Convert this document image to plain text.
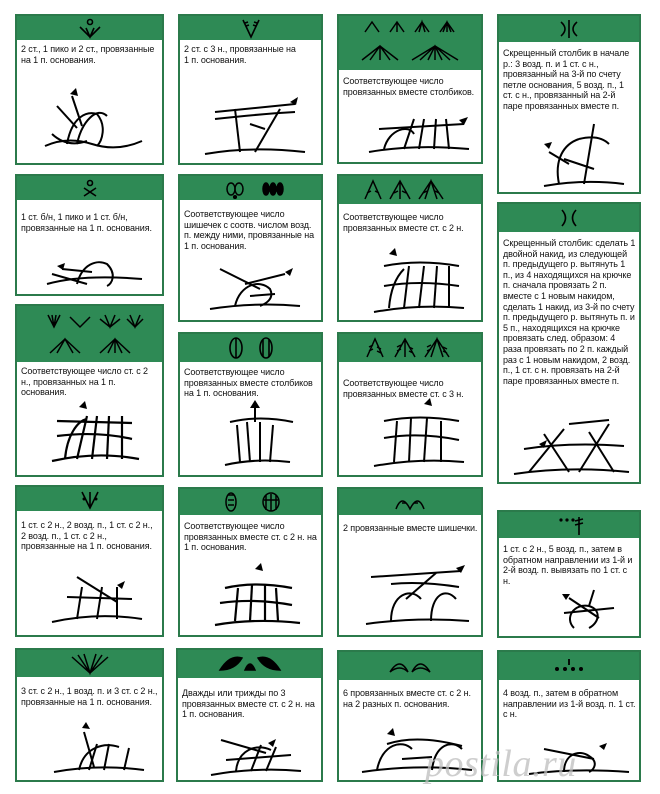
2 ст., 1 пико и 2 ст., провязанные на 1 п. основания.
1 ст. б/н, 1 пико и 1 ст. б/н, провязанные на 1 п. основания.
Соответствующее число ст. с 2 н., провязанных на 1 п. основания.
1 ст. с 2 н., 2 возд. п., 1 ст. с 2 н., 2 возд. п., 1 ст. с 2 н., провязанные на 1 п. основания.
3 ст. с 2 н., 1 возд. п. и 3 ст. с 2 н., провязанные на 1 п. основания.
2 ст. с 3 н., провязанные на
1 п. основания.
Соответствующее число шишечек с соотв. числом возд. п. между ними, провязанные на 1 п. основания.
Соответствующее число провязанных вместе столбиков на 1 п. основания.
Соответствующее число провязанных вместе ст. с 2 н. на 1 п. основания.
Дважды или трижды по 3 провязанных вместе ст. с 2 н. на 1 п. основания.
Соответствующее число провязанных вместе столбиков.
Соответствующее число провязанных вместе ст. с 2 н.
Соответствующее число провязанных вместе ст. с 3 н.
2 провязанные вместе шишечки.
6 провязанных вместе ст. с 2 н. на 2 разных п. основания.
Скрещенный столбик в начале р.: 3 возд. п. и 1 ст. с н., провязанный на 3-й по счету петле основания, 5 возд. п., 1 ст. с н., провязанный на 2-й паре провязанных вместе п.
Скрещенный столбик: сделать 1 двойной накид, из следующей п. предыдущего р. вытянуть 1 п., из 4 находящихся на крючке п. сначала провязать 2 п. вместе с 1 новым накидом, сделать 1 накид, из 3-й по счету п. предыдущего р. вытянуть п. и 5 п., находящихся на крючке провязать след. образом: 4 раза провязать по 2 п. каждый раз с 1 новым накидом, 2 возд. п., 1 ст. с н. провязать на 2-й паре провязанных вместе п.
1 ст. с 2 н., 5 возд. п., затем в обратном направлении из 1-й и 2-й возд. п. вывязать по 1 ст. с н.
4 возд. п., затем в обратном направлении из 1-й возд. п. 1 ст. с н.
postila.ru
